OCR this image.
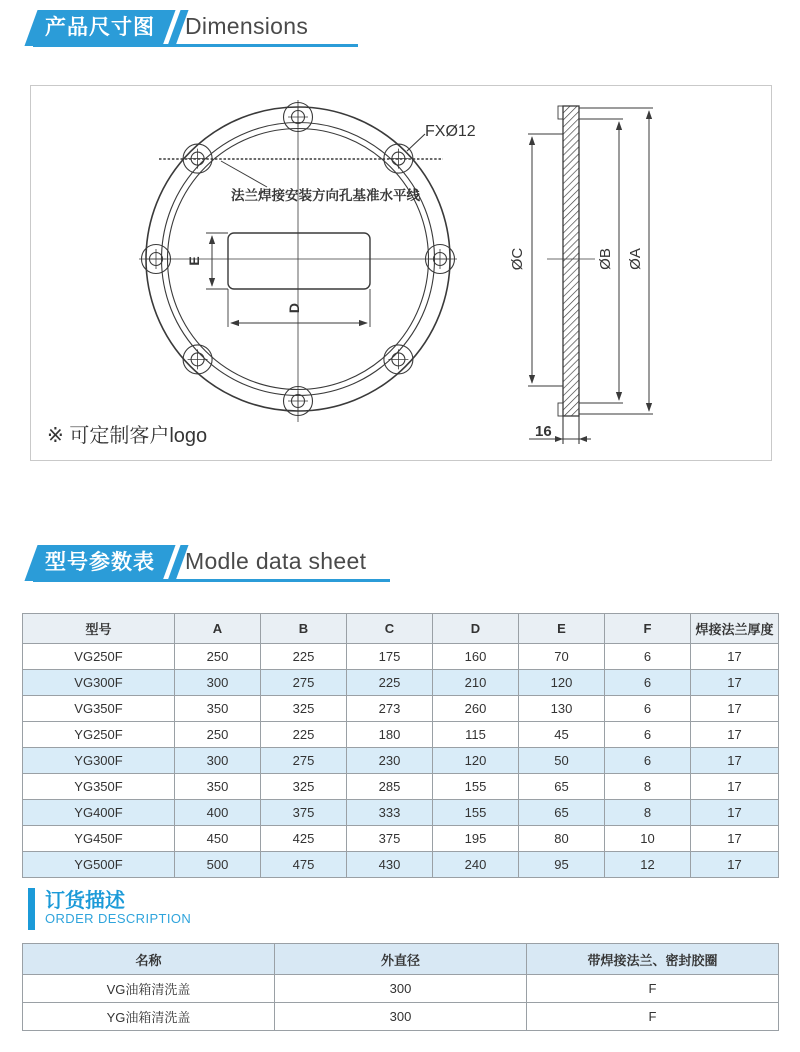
产品尺寸图	Dimensions
E
D
FXØ12
法兰焊接安装方向孔基准水平线
ØC	ØB ØA
16
※ 可定制客户logo
型号参数表	Modle data sheet
型号	A	B	C	D	E	F	焊接法兰厚度
VG250F	250	225	175	160	70	6	17
VG300F	300	275	225	210	120	6	17
VG350F	350	325	273	260	130	6	17
YG250F	250	225	180	115	45	6	17
YG300F	300	275	230	120	50	6	17
YG350F	350	325	285	155	65	8	17
YG400F	400	375	333	155	65	8	17
YG450F	450	425	375	195	80	10	17
YG500F	500	475	430	240	95	12	17
订货描述
ORDER DESCRIPTION
名称	外直径	带焊接法兰、密封胶圈
VG油箱清洗盖	300	F
YG油箱清洗盖	300	F
